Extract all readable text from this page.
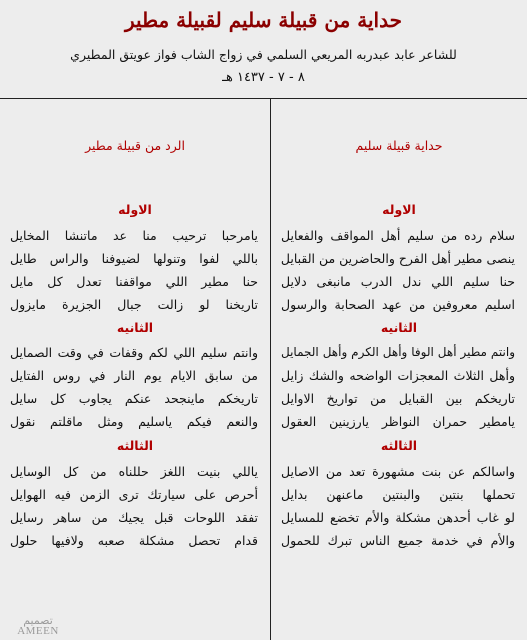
حداية من قبيلة سليم لقبيلة مطير
للشاعر عابد عبدربه المريعي السلمي في زواج الشاب فواز عويتق المطيري
٨ - ٧ - ١٤٣٧ هـ
حداية قبيلة سليم
الاوله
سلام رده من سليم أهل المواقف والفعايل
ينصى مطير أهل الفرح والحاضرين من القبايل
حنا سليم اللي ندل الدرب مانبغى دلايل
اسليم معروفين من عهد الصحابة والرسول
الثانيه
وانتم مطير أهل الوفا وأهل الكرم وأهل الجمايل
وأهل الثلاث المعجزات الواضحه والشك زايل
تاريخكم بين القبايل من تواريخ الاوايل
يامطير حمران النواظر يارزينين العقول
الثالثه
واسالكم عن بنت مشهورة تعد من الاصايل
تحملها بنتين والبنتين ماعنهن بدايل
لو غاب أحدهن مشكلة والأم تخضع للمسايل
والأم في خدمة جميع الناس تبرك للحمول
الرد من قبيلة مطير
الاوله
يامرحبا ترحيب منا عد ماتنشا المخايل
باللي لفوا وتنولها لضيوفنا والراس طايل
حنا مطير اللي مواقفنا تعدل كل مايل
تاريخنا لو زالت جبال الجزيرة مايزول
الثانيه
وانتم سليم اللي لكم وقفات في وقت الصمايل
من سابق الايام يوم النار في روس الفتايل
تاريخكم ماينجحد عنكم يجاوب كل سايل
والنعم فيكم ياسليم ومثل ماقلتم نقول
الثالثه
ياللي بنيت اللغز حللناه من كل الوسايل
أحرص على سيارتك ترى الزمن فيه الهوايل
تفقد اللوحات قبل يجيك من ساهر رسايل
قدام تحصل مشكلة صعبه ولافيها حلول
تصميم
AMEEN
